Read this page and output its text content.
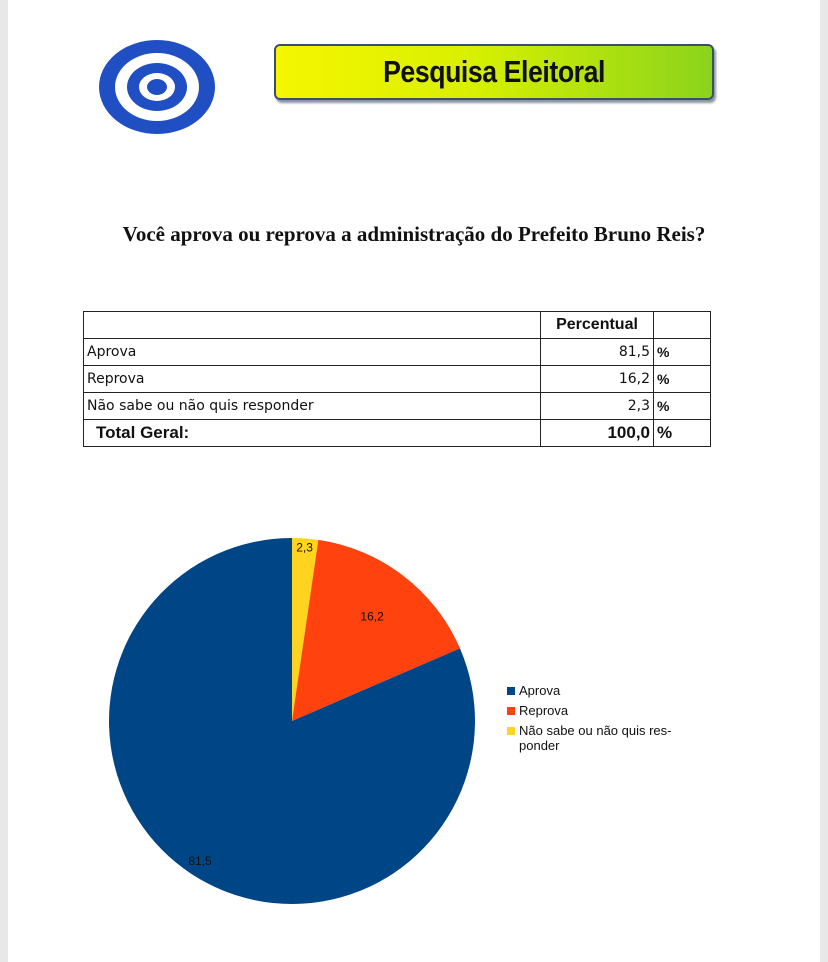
Pesquisa Eleitoral
Você aprova ou reprova a administração do Prefeito Bruno Reis?
	Percentual	
Aprova	81,5	%
Reprova	16,2	%
Não sabe ou não quis responder	2,3	%
Total Geral:	100,0	%
2,3
16,2
81,5
Aprova
Reprova
Não sabe ou não quis res-
ponder
